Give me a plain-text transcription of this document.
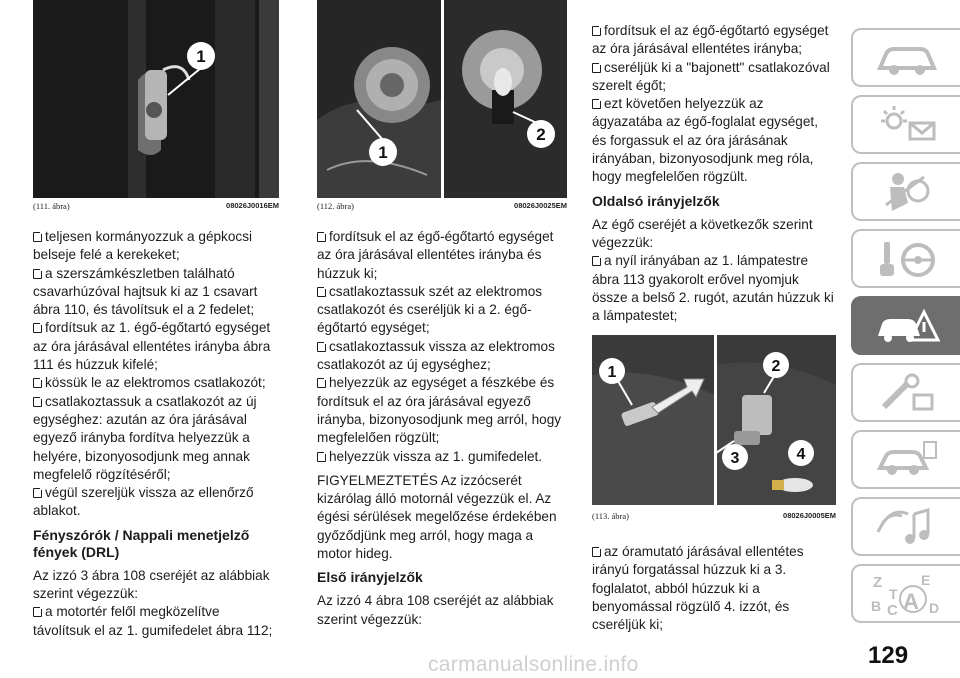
1
(111. ábra)	08026J0016EM

teljesen kormányozzuk a gépkocsi belseje felé a kerekeket;

a szerszámkészletben található csavarhúzóval hajtsuk ki az 1 csavart ábra 110, és távolítsuk el a 2 fedelet;

fordítsuk az 1. égő-égőtartó egységet az óra járásával ellentétes irányba ábra 111 és húzzuk kifelé;

kössük le az elektromos csatlakozót;

csatlakoztassuk a csatlakozót az új egységhez: azután az óra járásával egyező irányba fordítva helyezzük a helyére, bizonyosodjunk meg annak megfelelő rögzítéséről;

végül szereljük vissza az ellenőrző ablakot.

Fényszórók / Nappali menetjelző fények (DRL)

Az izzó 3 ábra 108 cseréjét az alábbiak szerint végezzük:

a motortér felől megközelítve távolítsuk el az 1. gumifedelet ábra 112;

1
2
(112. ábra)	08026J0025EM

fordítsuk el az égő-égőtartó egységet az óra járásával ellentétes irányba és húzzuk ki;

csatlakoztassuk szét az elektromos csatlakozót és cseréljük ki a 2. égő-égőtartó egységet;

csatlakoztassuk vissza az elektromos csatlakozót az új egységhez;

helyezzük az egységet a fészkébe és fordítsuk el az óra járásával egyező irányba, bizonyosodjunk meg arról, hogy megfelelően rögzült;

helyezzük vissza az 1. gumifedelet.

FIGYELMEZTETÉS Az izzócserét kizárólag álló motornál végezzük el. Az égési sérülések megelőzése érdekében győződjünk meg arról, hogy maga a motor hideg.

Első irányjelzők

Az izzó 4 ábra 108 cseréjét az alábbiak szerint végezzük:

fordítsuk el az égő-égőtartó egységet az óra járásával ellentétes irányba;

cseréljük ki a "bajonett" csatlakozóval szerelt égőt;

ezt követően helyezzük az ágyazatába az égő-foglalat egységet, és forgassuk el az óra járásának irányában, bizonyosodjunk meg róla, hogy megfelelően rögzült.

Oldalsó irányjelzők

Az égő cseréjét a következők szerint végezzük:

a nyíl irányában az 1. lámpatestre ábra 113 gyakorolt erővel nyomjuk össze a belső 2. rugót, azután húzzuk ki a lámpatestet;

1	2
3	4
(113. ábra)	08026J0005EM

az óramutató járásával ellentétes irányú forgatással húzzuk ki a 3. foglalatot, abból húzzuk ki a benyomással rögzülő 4. izzót, és cseréljük ki;

Z	E
B A
C
T
D
129
carmanualsonline.info
